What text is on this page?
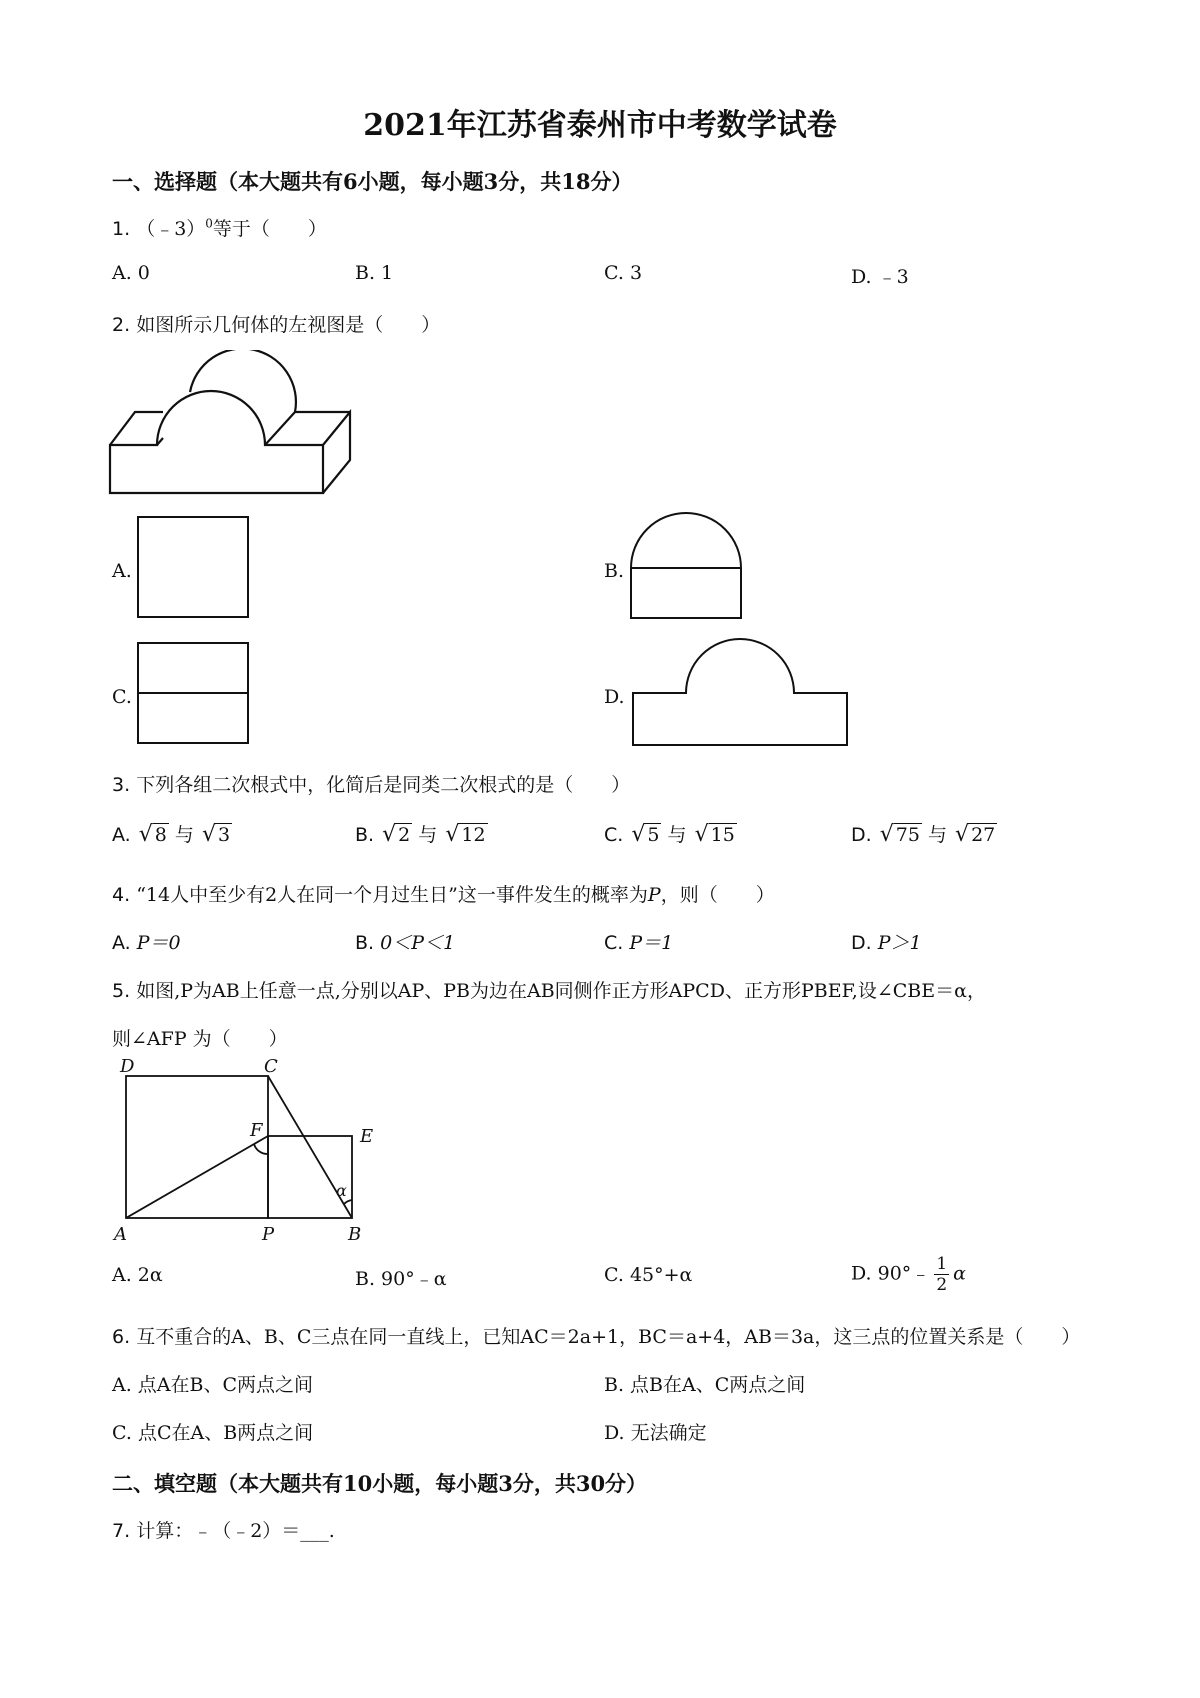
2021年江苏省泰州市中考数学试卷
一、选择题（本大题共有6小题，每小题3分，共18分）
1. （﹣3）$^0$等于（　　）
A. 0	B. 1	C. 3	D. ﹣3
2. 如图所示几何体的左视图是（　　）
A.	B.
C.	D.
3. 下列各组二次根式中，化简后是同类二次根式的是（　　）
A. √ 8 与 √ 3	B. √ 2 与 √ 12	C. √ 5 与 √ 15	D. √ 75 与 √ 27
4. “14人中至少有2人在同一个月过生日”这一事件发生的概率为P，则（　　）
A. P＝0	B. 0＜P＜1	C. P＝1	D. P＞1
5. 如图,P为AB上任意一点,分别以AP、PB为边在AB同侧作正方形APCD、正方形PBEF,设∠CBE＝α，
则∠AFP 为（　　）
D	C
F	E
A	P	B
α
A. 2α	B. 90°﹣α	C. 45°+α	D. 90°﹣ $\frac{1}{2}$ α
6. 互不重合的A、B、C三点在同一直线上，已知AC＝2a+1，BC＝a+4，AB＝3a，这三点的位置关系是（　　）
A. 点A在B、C两点之间	B. 点B在A、C两点之间
C. 点C在A、B两点之间	D. 无法确定
二、填空题（本大题共有10小题，每小题3分，共30分）
7. 计算：﹣（﹣2）＝___.
